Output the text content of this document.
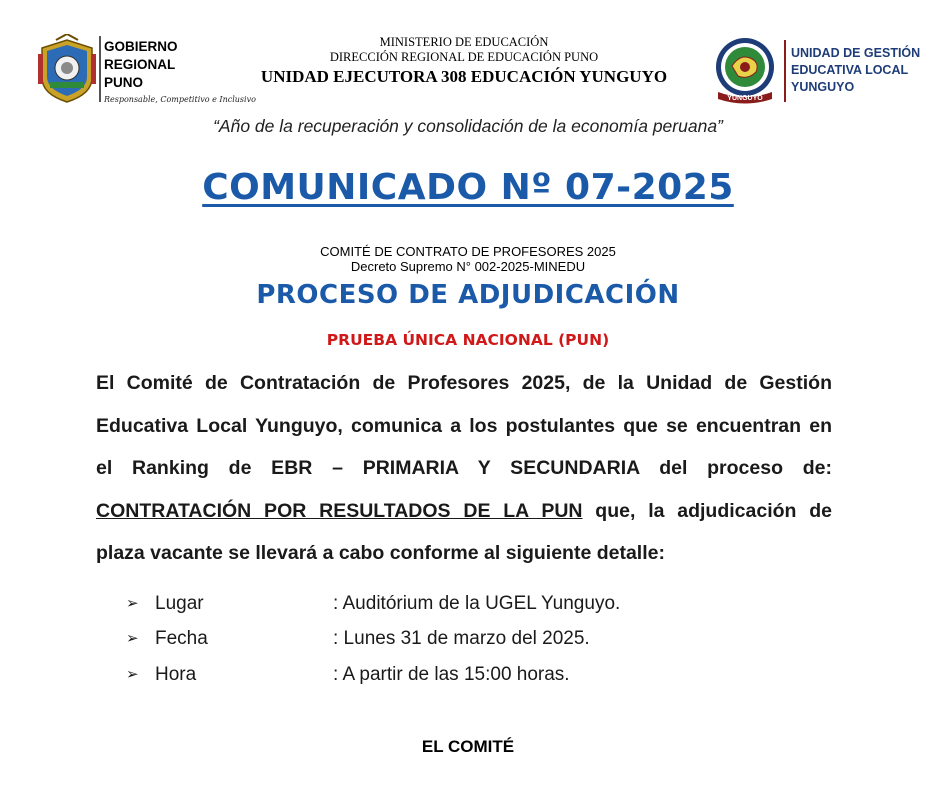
GOBIERNO
REGIONAL
PUNO
Responsable, Competitivo e Inclusivo
MINISTERIO DE EDUCACIÓN
DIRECCIÓN REGIONAL DE EDUCACIÓN PUNO
UNIDAD EJECUTORA 308 EDUCACIÓN YUNGUYO
YUNGUYO
UNIDAD DE GESTIÓN
EDUCATIVA LOCAL
YUNGUYO
“Año de la recuperación y consolidación de la economía peruana”
COMUNICADO Nº 07-2025
COMITÉ DE CONTRATO DE PROFESORES 2025
Decreto Supremo N° 002-2025-MINEDU
PROCESO DE ADJUDICACIÓN
PRUEBA ÚNICA NACIONAL (PUN)
El Comité de Contratación de Profesores 2025, de la Unidad de Gestión
Educativa Local Yunguyo, comunica a los postulantes que se encuentran en
el Ranking de EBR – PRIMARIA Y SECUNDARIA del proceso de:
CONTRATACIÓN POR RESULTADOS DE LA PUN que, la adjudicación de
plaza vacante se llevará a cabo conforme al siguiente detalle:
➢ Lugar	: Auditórium de la UGEL Yunguyo.
➢ Fecha	: Lunes 31 de marzo del 2025.
➢ Hora	: A partir de las 15:00 horas.
EL COMITÉ
